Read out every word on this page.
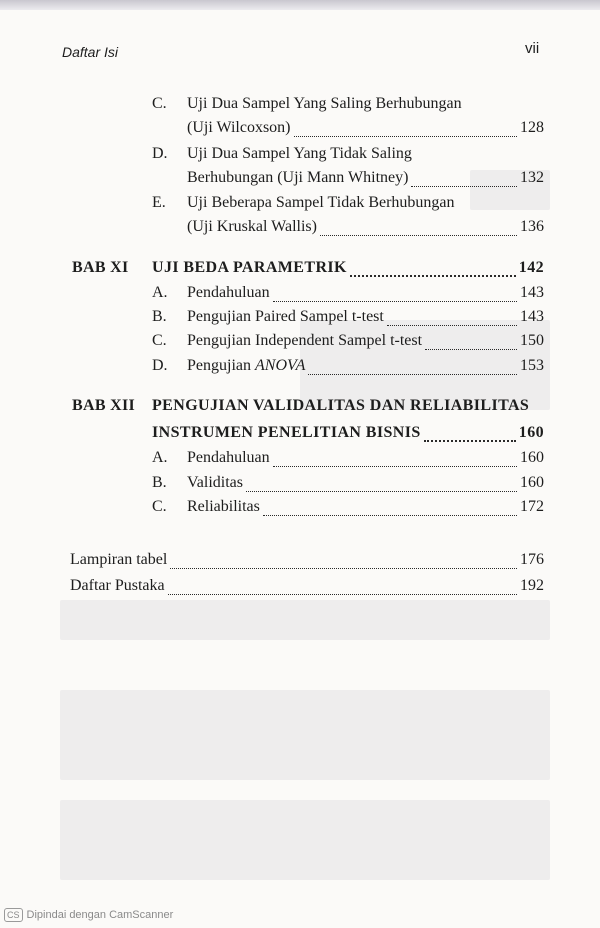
Daftar Isi	vii
C. Uji Dua Sampel Yang Saling Berhubungan
(Uji Wilcoxson)	128
D. Uji Dua Sampel Yang Tidak Saling
Berhubungan (Uji Mann Whitney)	132
E. Uji Beberapa Sampel Tidak Berhubungan
(Uji Kruskal Wallis)	136
BAB XI UJI BEDA PARAMETRIK	142
A. Pendahuluan	143
B. Pengujian Paired Sampel t-test	143
C. Pengujian Independent Sampel t-test	150
D. Pengujian ANOVA	153
BAB XII PENGUJIAN VALIDALITAS DAN RELIABILITAS
INSTRUMEN PENELITIAN BISNIS	160
A. Pendahuluan	160
B. Validitas	160
C. Reliabilitas	172
Lampiran tabel	176
Daftar Pustaka	192
CS Dipindai dengan CamScanner
